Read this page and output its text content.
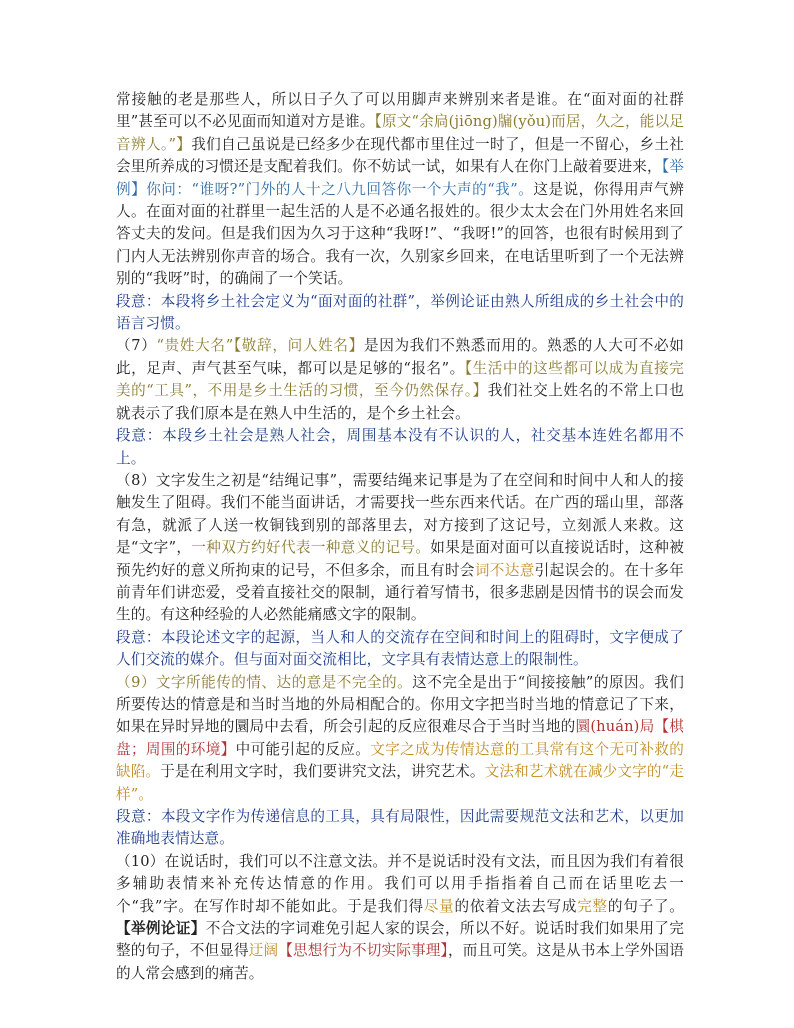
常接触的老是那些人，所以日子久了可以用脚声来辨别来者是谁。在“面对面的社群里”甚至可以不必见面而知道对方是谁。【原文“余扃(jiōng)牖(yǒu)而居，久之，能以足音辨人。”】我们自己虽说是已经多少在现代都市里住过一时了，但是一不留心，乡土社会里所养成的习惯还是支配着我们。你不妨试一试，如果有人在你门上敲着要进来，【举例】你问：“谁呀?”门外的人十之八九回答你一个大声的“我”。这是说，你得用声气辨人。在面对面的社群里一起生活的人是不必通名报姓的。很少太太会在门外用姓名来回答丈夫的发问。但是我们因为久习于这种“我呀!”、“我呀!”的回答，也很有时候用到了门内人无法辨别你声音的场合。我有一次，久别家乡回来，在电话里听到了一个无法辨别的“我呀”时，的确闹了一个笑话。

段意：本段将乡土社会定义为“面对面的社群”，举例论证由熟人所组成的乡土社会中的语言习惯。

（7）“贵姓大名”【敬辞，问人姓名】是因为我们不熟悉而用的。熟悉的人大可不必如此，足声、声气甚至气味，都可以是足够的“报名”。【生活中的这些都可以成为直接完美的“工具”，不用是乡土生活的习惯，至今仍然保存。】我们社交上姓名的不常上口也就表示了我们原本是在熟人中生活的，是个乡土社会。

段意：本段乡土社会是熟人社会，周围基本没有不认识的人，社交基本连姓名都用不上。

（8）文字发生之初是“结绳记事”，需要结绳来记事是为了在空间和时间中人和人的接触发生了阻碍。我们不能当面讲话，才需要找一些东西来代话。在广西的瑶山里，部落有急，就派了人送一枚铜钱到别的部落里去，对方接到了这记号，立刻派人来救。这是“文字”，一种双方约好代表一种意义的记号。如果是面对面可以直接说话时，这种被预先约好的意义所拘束的记号，不但多余，而且有时会词不达意引起误会的。在十多年前青年们讲恋爱，受着直接社交的限制，通行着写情书，很多悲剧是因情书的误会而发生的。有这种经验的人必然能痛感文字的限制。

段意：本段论述文字的起源，当人和人的交流存在空间和时间上的阻碍时，文字便成了人们交流的媒介。但与面对面交流相比，文字具有表情达意上的限制性。

（9）文字所能传的情、达的意是不完全的。这不完全是出于“间接接触”的原因。我们所要传达的情意是和当时当地的外局相配合的。你用文字把当时当地的情意记了下来，如果在异时异地的圜局中去看，所会引起的反应很难尽合于当时当地的圜(huán)局【棋盘；周围的环境】中可能引起的反应。文字之成为传情达意的工具常有这个无可补救的缺陷。于是在利用文字时，我们要讲究文法，讲究艺术。文法和艺术就在减少文字的“走样”。

段意：本段文字作为传递信息的工具，具有局限性，因此需要规范文法和艺术，以更加准确地表情达意。

（10）在说话时，我们可以不注意文法。并不是说话时没有文法，而且因为我们有着很多辅助表情来补充传达情意的作用。我们可以用手指指着自己而在话里吃去一个“我”字。在写作时却不能如此。于是我们得尽量的依着文法去写成完整的句子了。【举例论证】不合文法的字词难免引起人家的误会，所以不好。说话时我们如果用了完整的句子，不但显得迂阔【思想行为不切实际事理】，而且可笑。这是从书本上学外国语的人常会感到的痛苦。
